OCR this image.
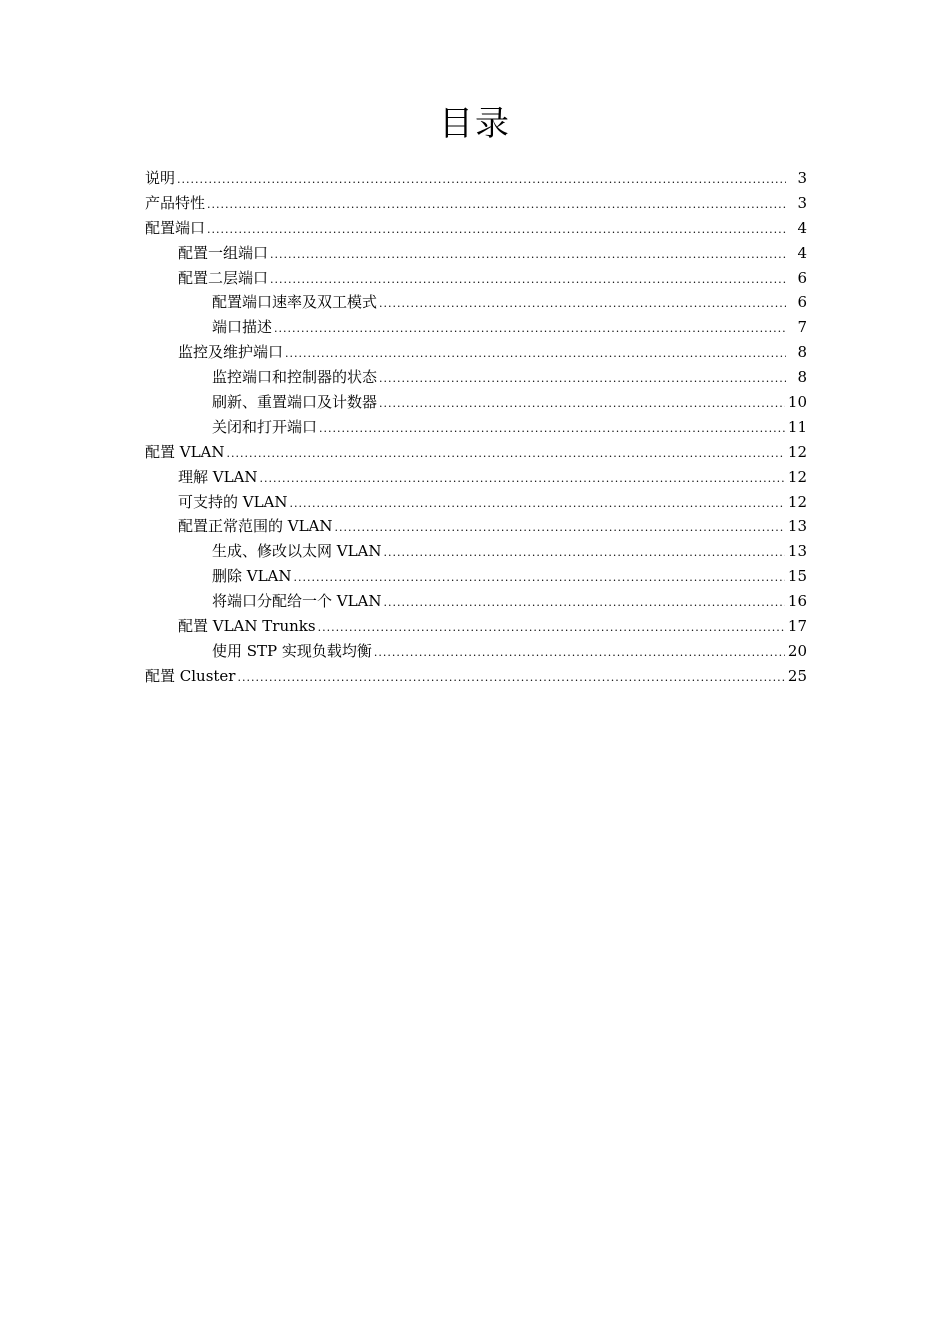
目录
说明 .....	3
产品特性 .....	3
配置端口 .....	4
配置一组端口 .....	4
配置二层端口 .....	6
配置端口速率及双工模式 .....	6
端口描述 .....	7
监控及维护端口 .....	8
监控端口和控制器的状态 .....	8
刷新、重置端口及计数器 .....	10
关闭和打开端口 .....	11
配置 VLAN .....	12
理解 VLAN .....	12
可支持的 VLAN .....	12
配置正常范围的 VLAN .....	13
生成、修改以太网 VLAN .....	13
删除 VLAN .....	15
将端口分配给一个 VLAN .....	16
配置 VLAN Trunks .....	17
使用 STP 实现负载均衡 .....	20
配置 Cluster .....	25
